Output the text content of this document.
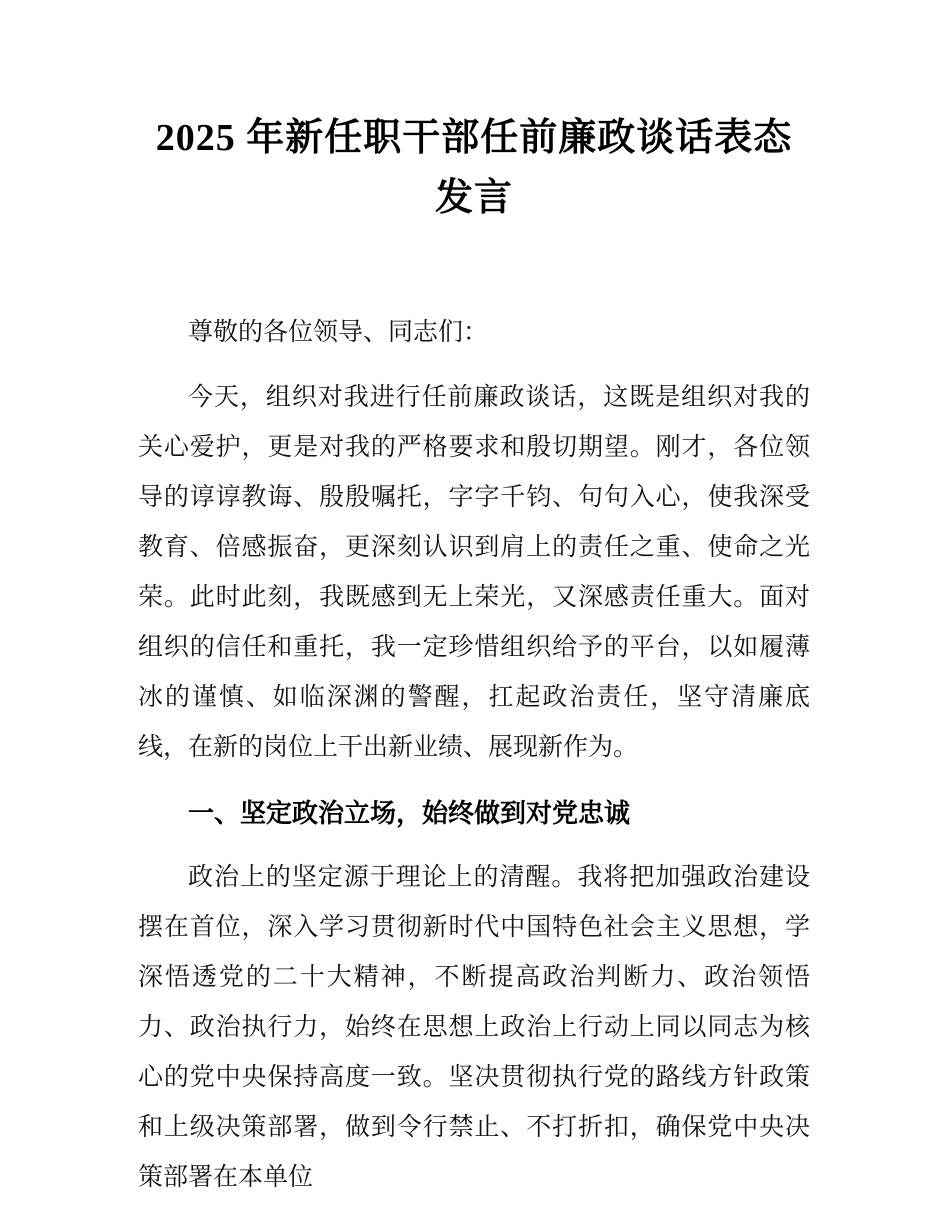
2025 年新任职干部任前廉政谈话表态发言

尊敬的各位领导、同志们：

今天，组织对我进行任前廉政谈话，这既是组织对我的关心爱护，更是对我的严格要求和殷切期望。刚才，各位领导的谆谆教诲、殷殷嘱托，字字千钧、句句入心，使我深受教育、倍感振奋，更深刻认识到肩上的责任之重、使命之光荣。此时此刻，我既感到无上荣光，又深感责任重大。面对组织的信任和重托，我一定珍惜组织给予的平台，以如履薄冰的谨慎、如临深渊的警醒，扛起政治责任，坚守清廉底线，在新的岗位上干出新业绩、展现新作为。

一、坚定政治立场，始终做到对党忠诚

政治上的坚定源于理论上的清醒。我将把加强政治建设摆在首位，深入学习贯彻新时代中国特色社会主义思想，学深悟透党的二十大精神，不断提高政治判断力、政治领悟力、政治执行力，始终在思想上政治上行动上同以同志为核心的党中央保持高度一致。坚决贯彻执行党的路线方针政策和上级决策部署，做到令行禁止、不打折扣，确保党中央决策部署在本单位
